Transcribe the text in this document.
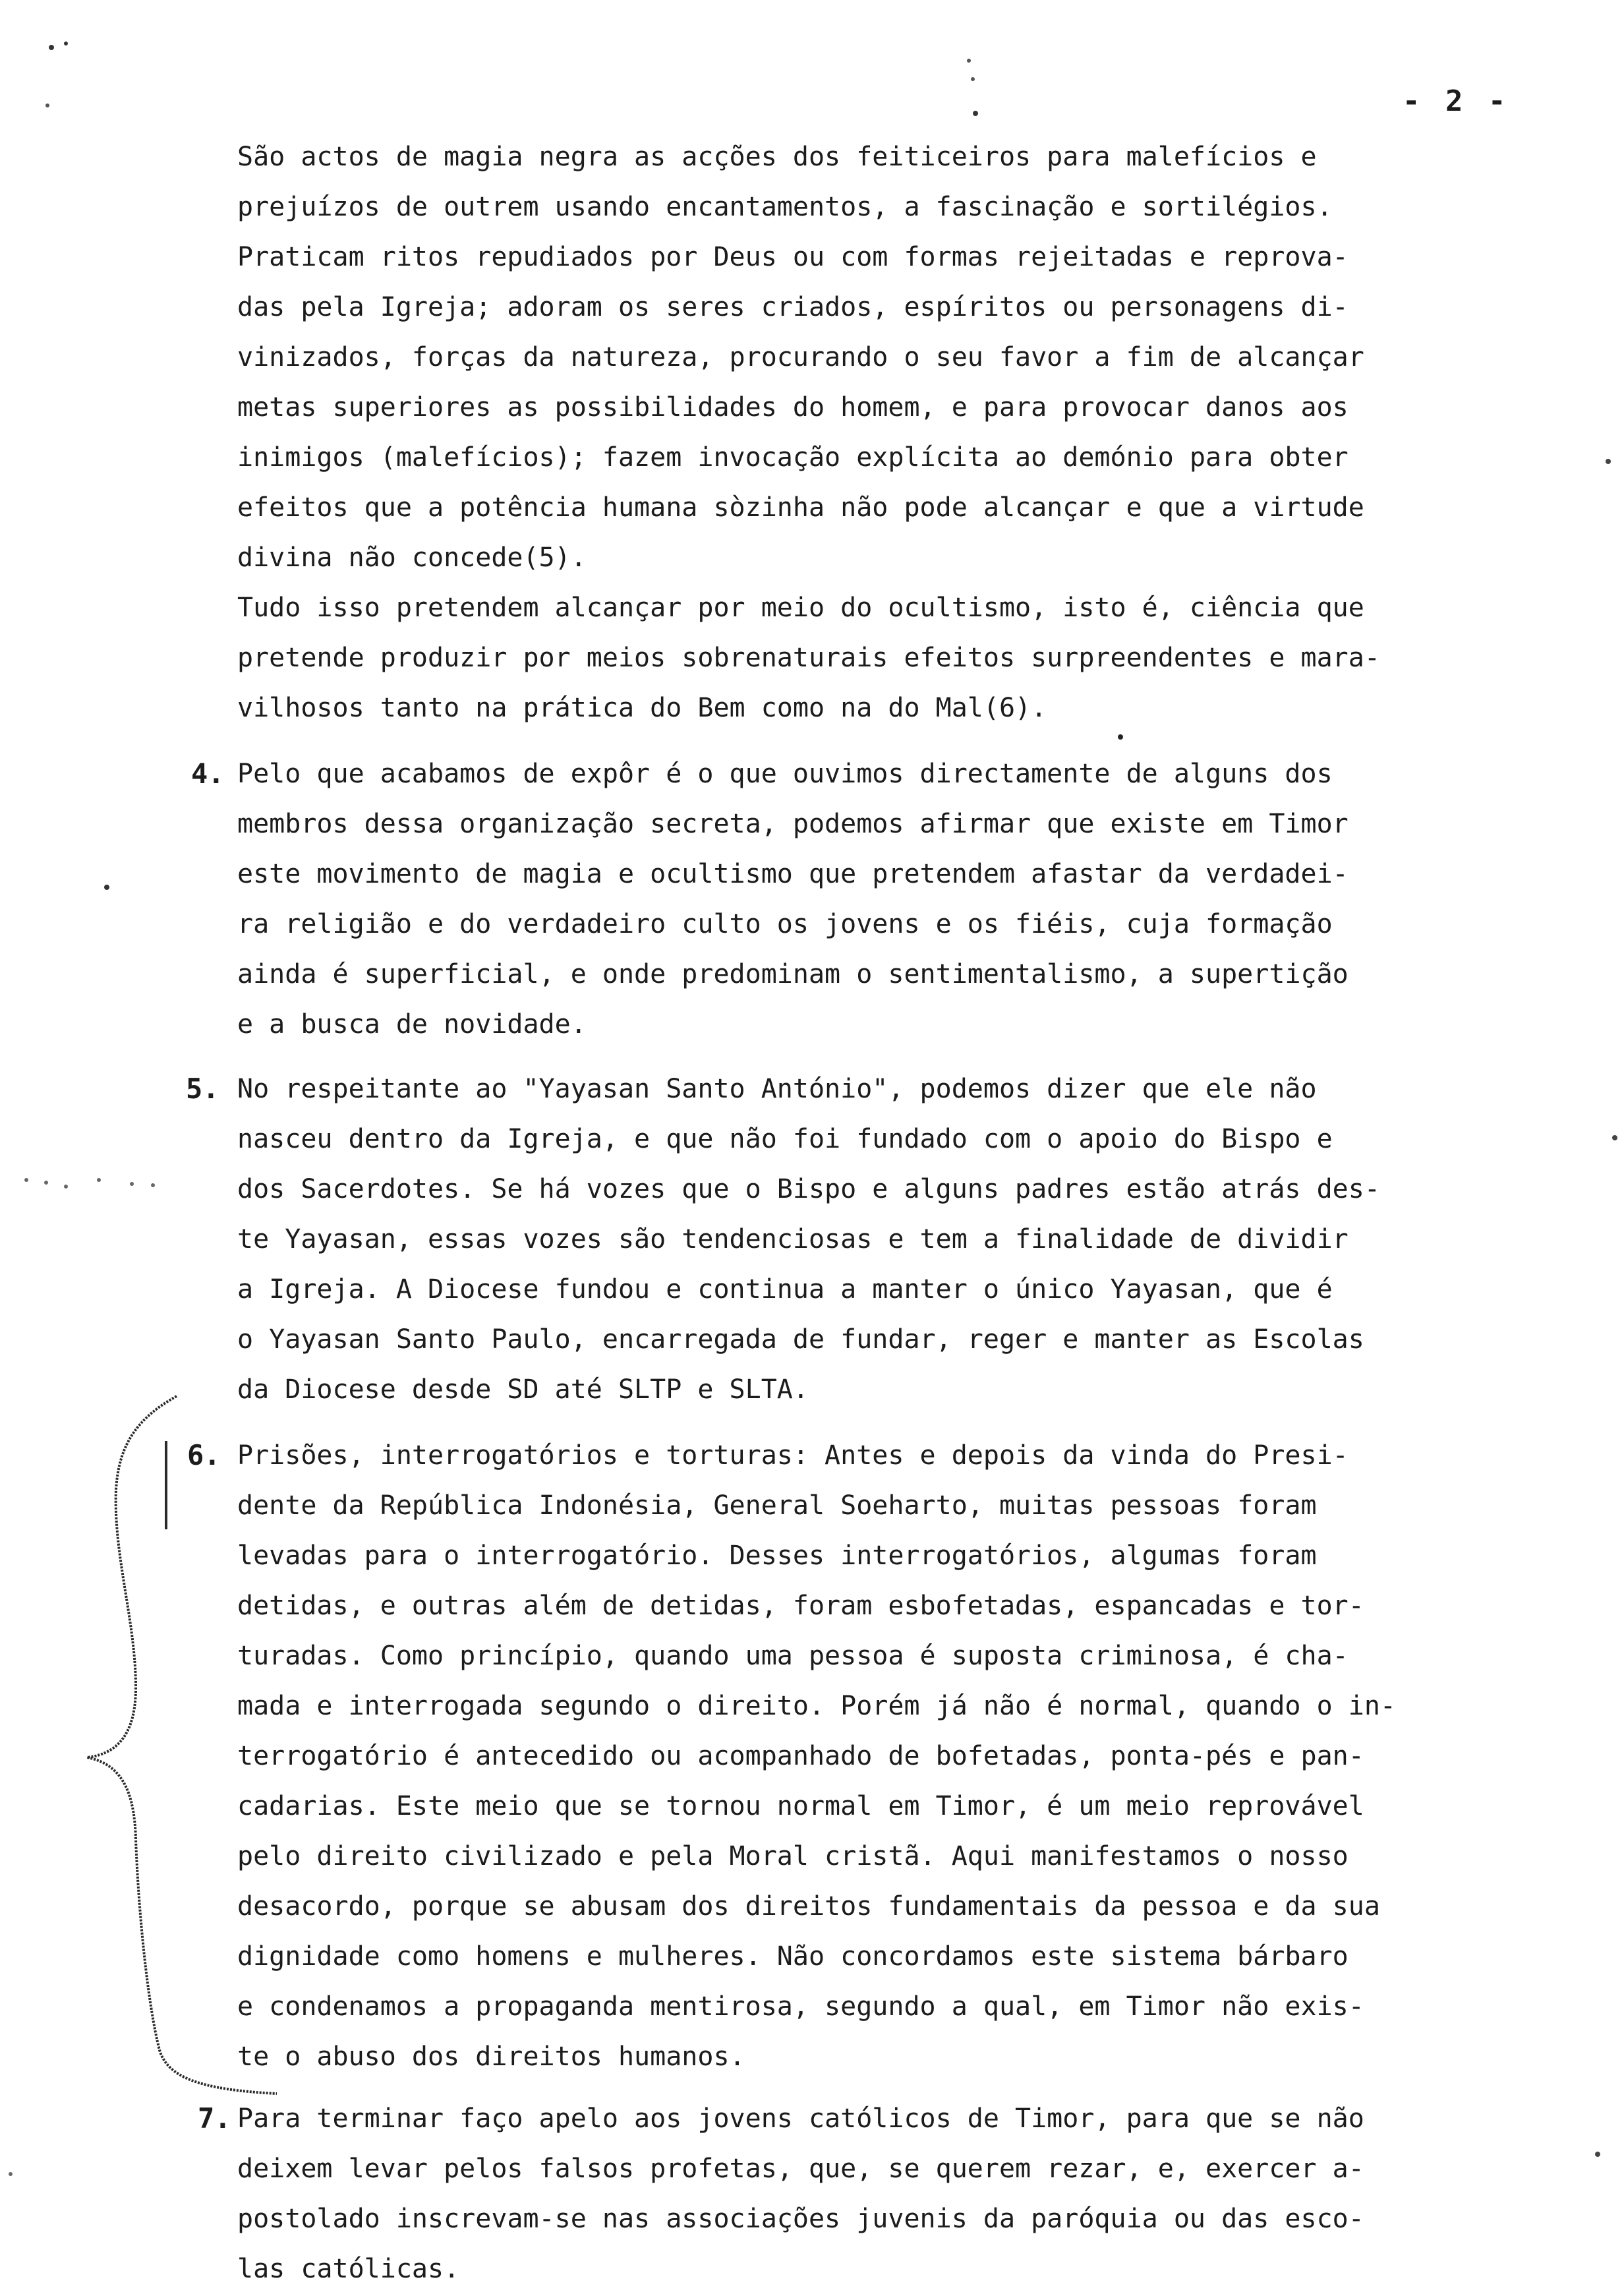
- 2 -
São actos de magia negra as acções dos feiticeiros para malefícios e
prejuízos de outrem usando encantamentos, a fascinação e sortilégios.
Praticam ritos repudiados por Deus ou com formas rejeitadas e reprova-
das pela Igreja; adoram os seres criados, espíritos ou personagens di-
vinizados, forças da natureza, procurando o seu favor a fim de alcançar
metas superiores as possibilidades do homem, e para provocar danos aos
inimigos (malefícios); fazem invocação explícita ao demónio para obter
efeitos que a potência humana sòzinha não pode alcançar e que a virtude
divina não concede(5).
Tudo isso pretendem alcançar por meio do ocultismo, isto é, ciência que
pretende produzir por meios sobrenaturais efeitos surpreendentes e mara-
vilhosos tanto na prática do Bem como na do Mal(6).
4. Pelo que acabamos de expôr é o que ouvimos directamente de alguns dos
membros dessa organização secreta, podemos afirmar que existe em Timor
este movimento de magia e ocultismo que pretendem afastar da verdadei-
ra religião e do verdadeiro culto os jovens e os fiéis, cuja formação
ainda é superficial, e onde predominam o sentimentalismo, a supertição
e a busca de novidade.
5. No respeitante ao "Yayasan Santo António", podemos dizer que ele não
nasceu dentro da Igreja, e que não foi fundado com o apoio do Bispo e
dos Sacerdotes. Se há vozes que o Bispo e alguns padres estão atrás des-
te Yayasan, essas vozes são tendenciosas e tem a finalidade de dividir
a Igreja. A Diocese fundou e continua a manter o único Yayasan, que é
o Yayasan Santo Paulo, encarregada de fundar, reger e manter as Escolas
da Diocese desde SD até SLTP e SLTA.
6. Prisões, interrogatórios e torturas: Antes e depois da vinda do Presi-
dente da República Indonésia, General Soeharto, muitas pessoas foram
levadas para o interrogatório. Desses interrogatórios, algumas foram
detidas, e outras além de detidas, foram esbofetadas, espancadas e tor-
turadas. Como princípio, quando uma pessoa é suposta criminosa, é cha-
mada e interrogada segundo o direito. Porém já não é normal, quando o in-
terrogatório é antecedido ou acompanhado de bofetadas, ponta-pés e pan-
cadarias. Este meio que se tornou normal em Timor, é um meio reprovável
pelo direito civilizado e pela Moral cristã. Aqui manifestamos o nosso
desacordo, porque se abusam dos direitos fundamentais da pessoa e da sua
dignidade como homens e mulheres. Não concordamos este sistema bárbaro
e condenamos a propaganda mentirosa, segundo a qual, em Timor não exis-
te o abuso dos direitos humanos.
7. Para terminar faço apelo aos jovens católicos de Timor, para que se não
deixem levar pelos falsos profetas, que, se querem rezar, e, exercer a-
postolado inscrevam-se nas associações juvenis da paróquia ou das esco-
las católicas.
